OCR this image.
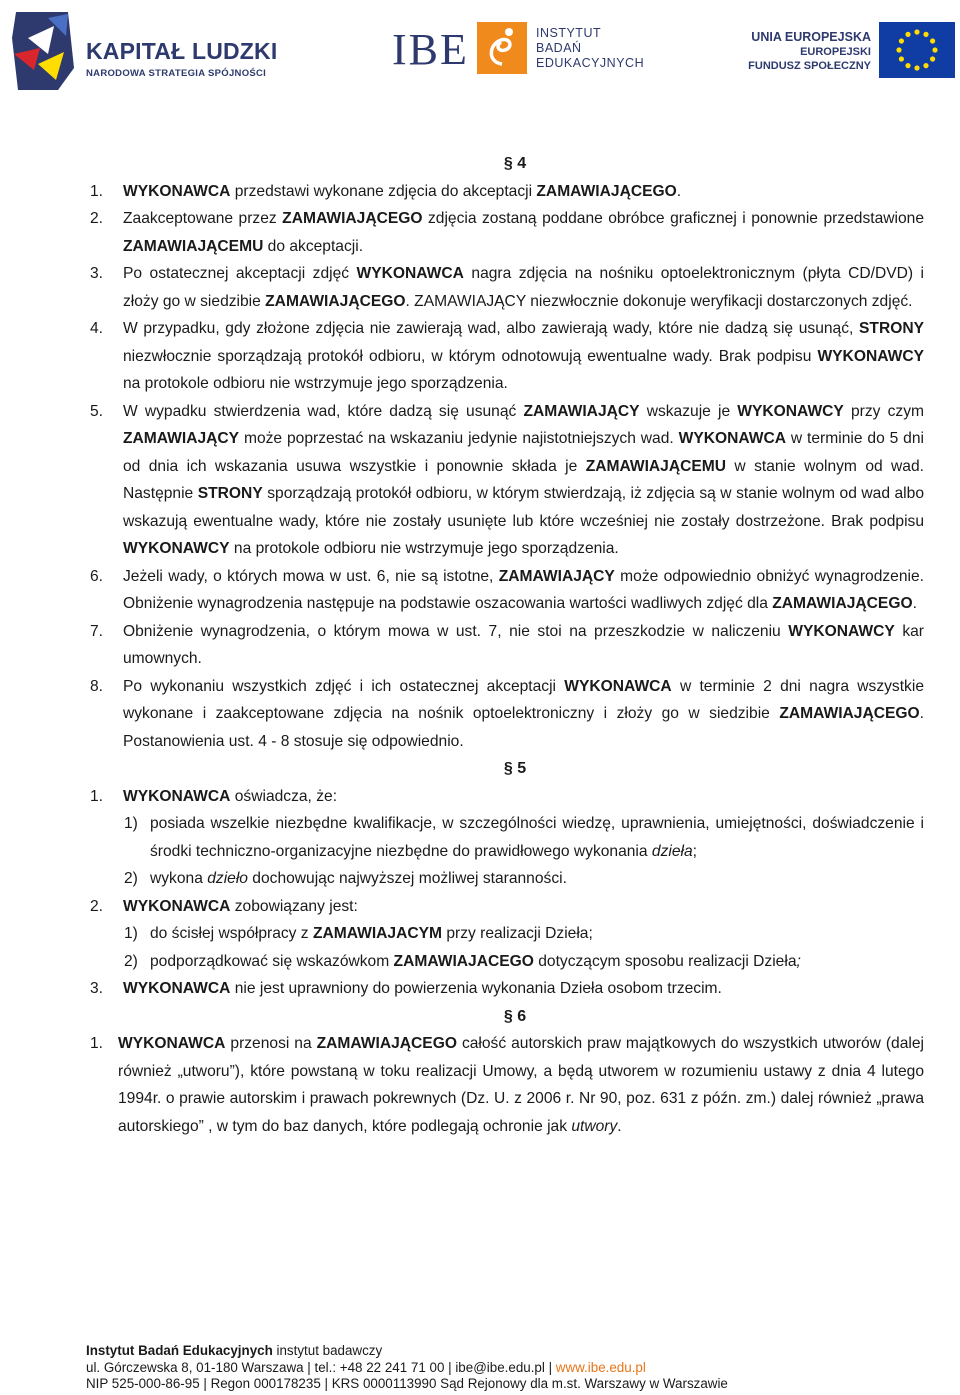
KAPITAŁ LUDZKI
NARODOWA STRATEGIA SPÓJNOŚCI	IBE	INSTYTUT
BADAŃ
EDUKACYJNYCH
UNIA EUROPEJSKA
EUROPEJSKI
FUNDUSZ SPOŁECZNY
§ 4
1.	WYKONAWCA przedstawi wykonane zdjęcia do akceptacji ZAMAWIAJĄCEGO.
2.	Zaakceptowane przez ZAMAWIAJĄCEGO zdjęcia zostaną poddane obróbce graficznej i ponownie przedstawione ZAMAWIAJĄCEMU do akceptacji.
3.	Po ostatecznej akceptacji zdjęć WYKONAWCA nagra zdjęcia na nośniku optoelektronicznym (płyta CD/DVD) i złoży go w siedzibie ZAMAWIAJĄCEGO. ZAMAWIAJĄCY niezwłocznie dokonuje weryfikacji dostarczonych zdjęć.
4.	W przypadku, gdy złożone zdjęcia nie zawierają wad, albo zawierają wady, które nie dadzą się usunąć, STRONY niezwłocznie sporządzają protokół odbioru, w którym odnotowują ewentualne wady. Brak podpisu WYKONAWCY na protokole odbioru nie wstrzymuje jego sporządzenia.
5.	W wypadku stwierdzenia wad, które dadzą się usunąć ZAMAWIAJĄCY wskazuje je WYKONAWCY przy czym ZAMAWIAJĄCY może poprzestać na wskazaniu jedynie najistotniejszych wad. WYKONAWCA w terminie do 5 dni od dnia ich wskazania usuwa wszystkie i ponownie składa je ZAMAWIAJĄCEMU w stanie wolnym od wad. Następnie STRONY sporządzają protokół odbioru, w którym stwierdzają, iż zdjęcia są w stanie wolnym od wad albo wskazują ewentualne wady, które nie zostały usunięte lub które wcześniej nie zostały dostrzeżone. Brak podpisu WYKONAWCY na protokole odbioru nie wstrzymuje jego sporządzenia.
6.	Jeżeli wady, o których mowa w ust. 6, nie są istotne, ZAMAWIAJĄCY może odpowiednio obniżyć wynagrodzenie. Obniżenie wynagrodzenia następuje na podstawie oszacowania wartości wadliwych zdjęć dla ZAMAWIAJĄCEGO.
7.	Obniżenie wynagrodzenia, o którym mowa w ust. 7, nie stoi na przeszkodzie w naliczeniu WYKONAWCY kar umownych.
8.	Po wykonaniu wszystkich zdjęć i ich ostatecznej akceptacji WYKONAWCA w terminie 2 dni nagra wszystkie wykonane i zaakceptowane zdjęcia na nośnik optoelektroniczny i złoży go w siedzibie ZAMAWIAJĄCEGO. Postanowienia ust. 4 - 8 stosuje się odpowiednio.
§ 5
1.	WYKONAWCA oświadcza, że:
1) posiada wszelkie niezbędne kwalifikacje, w szczególności wiedzę, uprawnienia, umiejętności, doświadczenie i środki techniczno-organizacyjne niezbędne do prawidłowego wykonania dzieła;
2) wykona dzieło dochowując najwyższej możliwej staranności.
2.	WYKONAWCA zobowiązany jest:
1) do ścisłej współpracy z ZAMAWIAJACYM przy realizacji Dzieła;
2) podporządkować się wskazówkom ZAMAWIAJACEGO dotyczącym sposobu realizacji Dzieła;
3.	WYKONAWCA nie jest uprawniony do powierzenia wykonania Dzieła osobom trzecim.
§ 6
1. WYKONAWCA przenosi na ZAMAWIAJĄCEGO całość autorskich praw majątkowych do wszystkich utworów (dalej również „utworu”), które powstaną w toku realizacji Umowy, a będą utworem w rozumieniu ustawy z dnia 4 lutego 1994r. o prawie autorskim i prawach pokrewnych (Dz. U. z 2006 r. Nr 90, poz. 631 z późn. zm.) dalej również „prawa autorskiego” , w tym do baz danych, które podlegają ochronie jak utwory.
Instytut Badań Edukacyjnych instytut badawczy
ul. Górczewska 8, 01-180 Warszawa | tel.: +48 22 241 71 00 | ibe@ibe.edu.pl | www.ibe.edu.pl
NIP 525-000-86-95 | Regon 000178235 | KRS 0000113990 Sąd Rejonowy dla m.st. Warszawy w Warszawie
